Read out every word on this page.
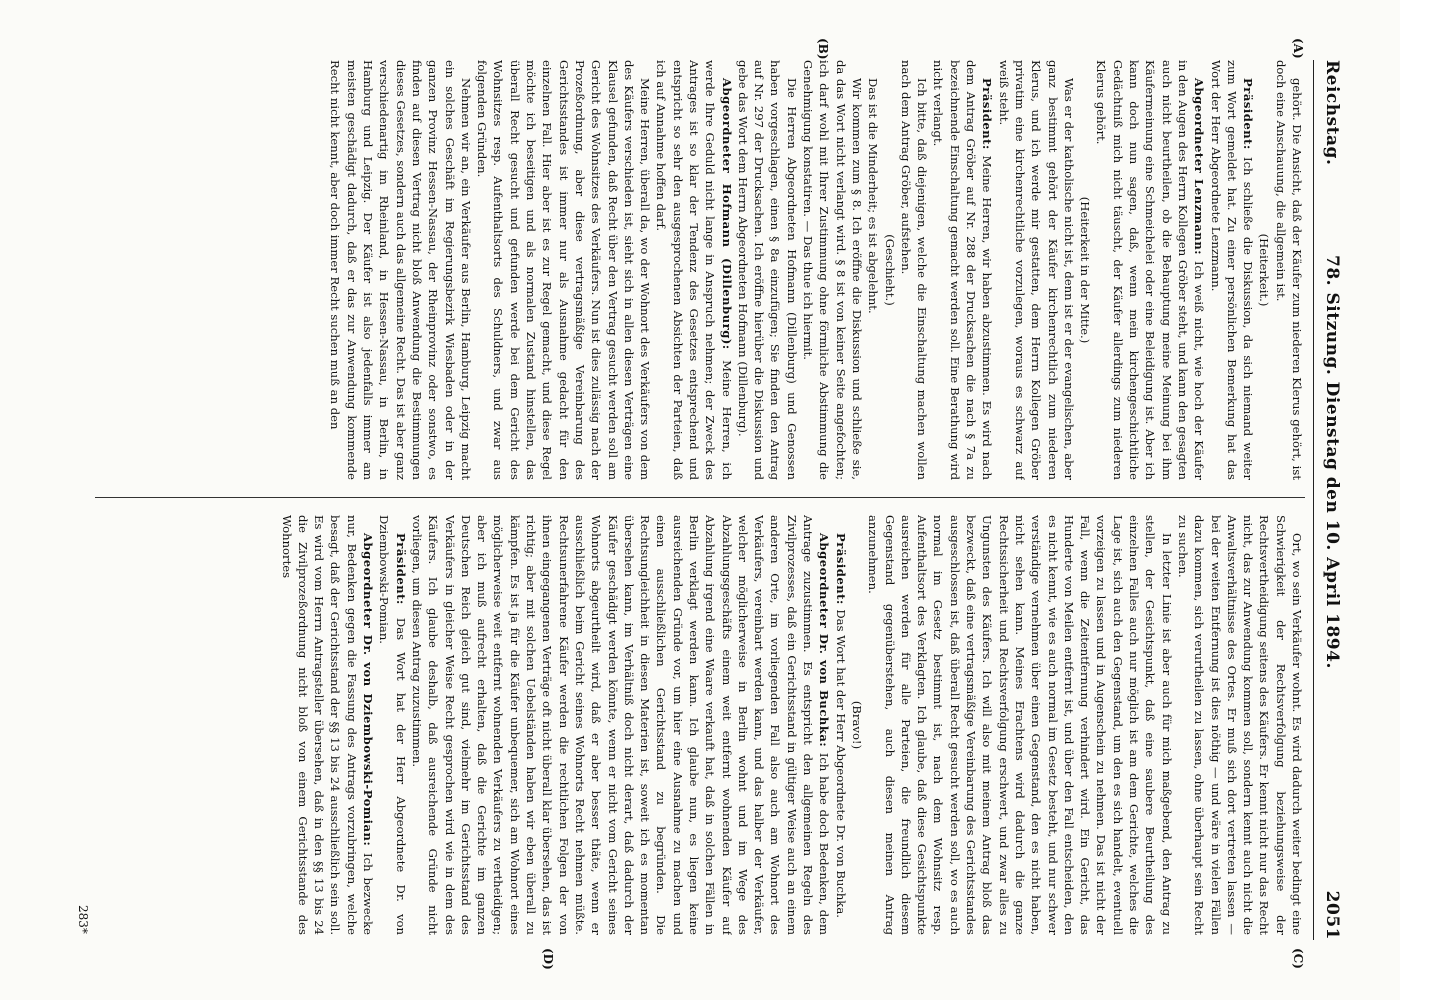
Reichstag.
78. Sitzung. Dienstag den 10. April 1894.
2051
(A)
(B)
(C)
(D)

gehört. Die Ansicht, daß der Käufer zum niederen Klerus gehört, ist doch eine Anschauung, die allgemein ist.

(Heiterkeit.)

Präsident: Ich schließe die Diskussion, da sich niemand weiter zum Wort gemeldet hat. Zu einer persönlichen Bemerkung hat das Wort der Herr Abgeordnete Lenzmann.

Abgeordneter Lenzmann: Ich weiß nicht, wie hoch der Käufer in den Augen des Herrn Kollegen Gröber steht, und kann den gesagten auch nicht beurtheilen, ob die Behauptung meine Meinung bei ihm Käufermeinung eine Schmeichelei oder eine Beleidigung ist. Aber ich kann doch nun sagen, daß, wenn mein kirchengeschichtliche Gedächtniß mich nicht täuscht, der Käufer allerdings zum niederen Klerus gehört.

(Heiterkeit in der Mitte.)

Was er der katholische nicht ist, denn ist er der evangelischen, aber ganz bestimmt gehört der Käufer kirchenrechtlich zum niederen Klerus, und ich werde mir gestatten, dem Herrn Kollegen Gröber privatim eine kirchenrechtliche vorzulegen, woraus es schwarz auf weiß steht.

Präsident: Meine Herren, wir haben abzustimmen. Es wird nach dem Antrag Gröber auf Nr. 288 der Drucksachen die nach § 7a zu bezeichnende Einschaltung gemacht werden soll. Eine Berathung wird nicht verlangt.

Ich bitte, daß diejenigen, welche die Einschaltung machen wollen nach dem Antrag Gröber, aufstehen.

(Geschieht.)

Das ist die Minderheit; es ist abgelehnt.

Wir kommen zum § 8. Ich eröffne die Diskussion und schließe sie, da das Wort nicht verlangt wird. § 8 ist von keiner Seite angefochten; ich darf wohl mit Ihrer Zustimmung ohne förmliche Abstimmung die Genehmigung konstatiren. — Das thue ich hiermit.

Die Herren Abgeordneten Hofmann (Dillenburg) und Genossen haben vorgeschlagen, einen § 8a einzufügen; Sie finden den Antrag auf Nr. 297 der Drucksachen. Ich eröffne hierüber die Diskussion und gebe das Wort dem Herrn Abgeordneten Hofmann (Dillenburg).

Abgeordneter Hofmann (Dillenburg): Meine Herren, ich werde Ihre Geduld nicht lange in Anspruch nehmen; der Zweck des Antrages ist so klar der Tendenz des Gesetzes entsprechend und entspricht so sehr den ausgesprochenen Absichten der Parteien, daß ich auf Annahme hoffen darf.

Meine Herren, überall da, wo der Wohnort des Verkäufers von dem des Käufers verschieden ist, sieht sich in allen diesen Verträgen eine Klausel gefunden, daß Recht über den Vertrag gesucht werden soll am Gericht des Wohnsitzes des Verkäufers. Nun ist dies zulässig nach der Prozeßordnung, aber diese vertragsmäßige Vereinbarung des Gerichtsstandes ist immer nur als Ausnahme gedacht für den einzelnen Fall. Hier aber ist es zur Regel gemacht, und diese Regel möchte ich beseitigen und als normalen Zustand hinstellen, das überall Recht gesucht und gefunden werde bei dem Gericht des Wohnsitzes resp. Aufenthaltsorts des Schuldners, und zwar aus folgenden Gründen.

Nehmen wir an, ein Verkäufer aus Berlin, Hamburg, Leipzig macht ein solches Geschäft im Regierungsbezirk Wiesbaden oder in der ganzen Provinz Hessen-Nassau, der Rheinprovinz oder sonstwo, es finden auf diesen Vertrag nicht bloß Anwendung die Bestimmungen dieses Gesetzes, sondern auch das allgemeine Recht. Das ist aber ganz verschiedenartig im Rheinland, in Hessen-Nassau, in Berlin, in Hamburg und Leipzig. Der Käufer ist also jedenfalls immer am meisten geschädigt dadurch, daß er das zur Anwendung kommende Recht nicht kennt, aber doch immer Recht suchen muß an den

Ort, wo sein Verkäufer wohnt. Es wird dadurch weiter bedingt eine Schwierigkeit der Rechtsverfolgung beziehungsweise der Rechtsvertheidigung seitens des Käufers. Er kennt nicht nur das Recht nicht, das zur Anwendung kommen soll, sondern kennt auch nicht die Anwaltsverhältnisse des Ortes. Er muß sich dort vertreten lassen — bei der weiten Entfernung ist dies nöthig — und wäre in vielen Fällen dazu kommen, sich verurtheilen zu lassen, ohne überhaupt sein Recht zu suchen.

In letzter Linie ist aber auch für mich maßgebend, den Antrag zu stellen, der Gesichtspunkt, daß eine saubere Beurtheilung des einzelnen Falles auch nur möglich ist am dem Gerichte, welches die Lage ist, sich auch den Gegenstand, um den es sich handelt, eventuell vorzeigen zu lassen und in Augenschein zu nehmen. Das ist nicht der Fall, wenn die Zeitentfernung verhindert wird. Ein Gericht, das Hunderte von Meilen entfernt ist, und über den Fall entscheiden, den es nicht kennt, wie es auch normal im Gesetz besteht, und nur schwer verständige vernehmen über einen Gegenstand, den es nicht haben, nicht sehen kann. Meines Erachtens wird dadurch die ganze Rechtssicherheit und Rechtsverfolgung erschwert, und zwar alles zu Ungunsten des Käufers. Ich will also mit meinem Antrag bloß das bezweckt, daß eine vertragsmäßige Vereinbarung des Gerichtsstandes ausgeschlossen ist, daß überall Recht gesucht werden soll, wo es auch normal im Gesetz bestimmt ist, nach dem Wohnsitz resp. Aufenthaltsort des Verklagten. Ich glaube, daß diese Gesichtspunkte ausreichen werden für alle Parteien, die freundlich diesem Gegenstand gegenüberstehen, auch diesen meinen Antrag anzunehmen.

(Bravo!)

Präsident: Das Wort hat der Herr Abgeordnete Dr. von Buchka.

Abgeordneter Dr. von Buchka: Ich habe doch Bedenken, dem Antrage zuzustimmen. Es entspricht den allgemeinen Regeln des Zivilprozesses, daß ein Gerichtsstand in gültiger Weise auch an einem anderen Orte, im vorliegenden Fall also auch am Wohnort des Verkäufers, vereinbart werden kann, und das halber der Verkäufer, welcher möglicherweise in Berlin wohnt und im Wege des Abzahlungsgeschäfts einem weit entfernt wohnenden Käufer auf Abzahlung irgend eine Waare verkauft hat, daß in solchen Fällen in Berlin verklagt werden kann. Ich glaube nun, es liegen keine ausreichenden Gründe vor, um hier eine Ausnahme zu machen und einen ausschließlichen Gerichtsstand zu begründen. Die Rechtsungleichheit in diesen Materien ist, soweit ich es momentan übersehen kann, im Verhältniß doch nicht derart, daß dadurch der Käufer geschädigt werden könnte, wenn er nicht vom Gericht seines Wohnorts abgeurtheilt wird, daß er aber besser thäte, wenn er ausschließlich beim Gericht seines Wohnorts Recht nehmen müßte. Rechtsunerfahrene Käufer werden die rechtlichen Folgen der von ihnen eingegangenen Verträge oft nicht überall klar übersehen, das ist richtig; aber mit solchen Uebelständen haben wir eben überall zu kämpfen. Es ist ja für die Käufer unbequemer, sich am Wohnort eines möglicherweise weit entfernt wohnenden Verkäufers zu vertheidigen; aber ich muß aufrecht erhalten, daß die Gerichte im ganzen Deutschen Reich gleich gut sind, vielmehr im Gerichtsstand des Verkäufers in gleicher Weise Recht gesprochen wird wie in dem des Käufers. Ich glaube deshalb, daß ausreichende Gründe nicht vorliegen, um diesen Antrag zuzustimmen.

Präsident: Das Wort hat der Herr Abgeordnete Dr. von Dziembowski-Pomian.

Abgeordneter Dr. von Dziembowski-Pomian: Ich bezwecke nur, Bedenken gegen die Fassung des Antrags vorzubringen, welche besagt, daß der Gerichtsstand der §§ 13 bis 24 ausschließlich sein soll. Es wird vom Herrn Antragsteller übersehen, daß in den §§ 13 bis 24 die Zivilprozeßordnung nicht bloß von einem Gerichtsstande des Wohnortes

283*
